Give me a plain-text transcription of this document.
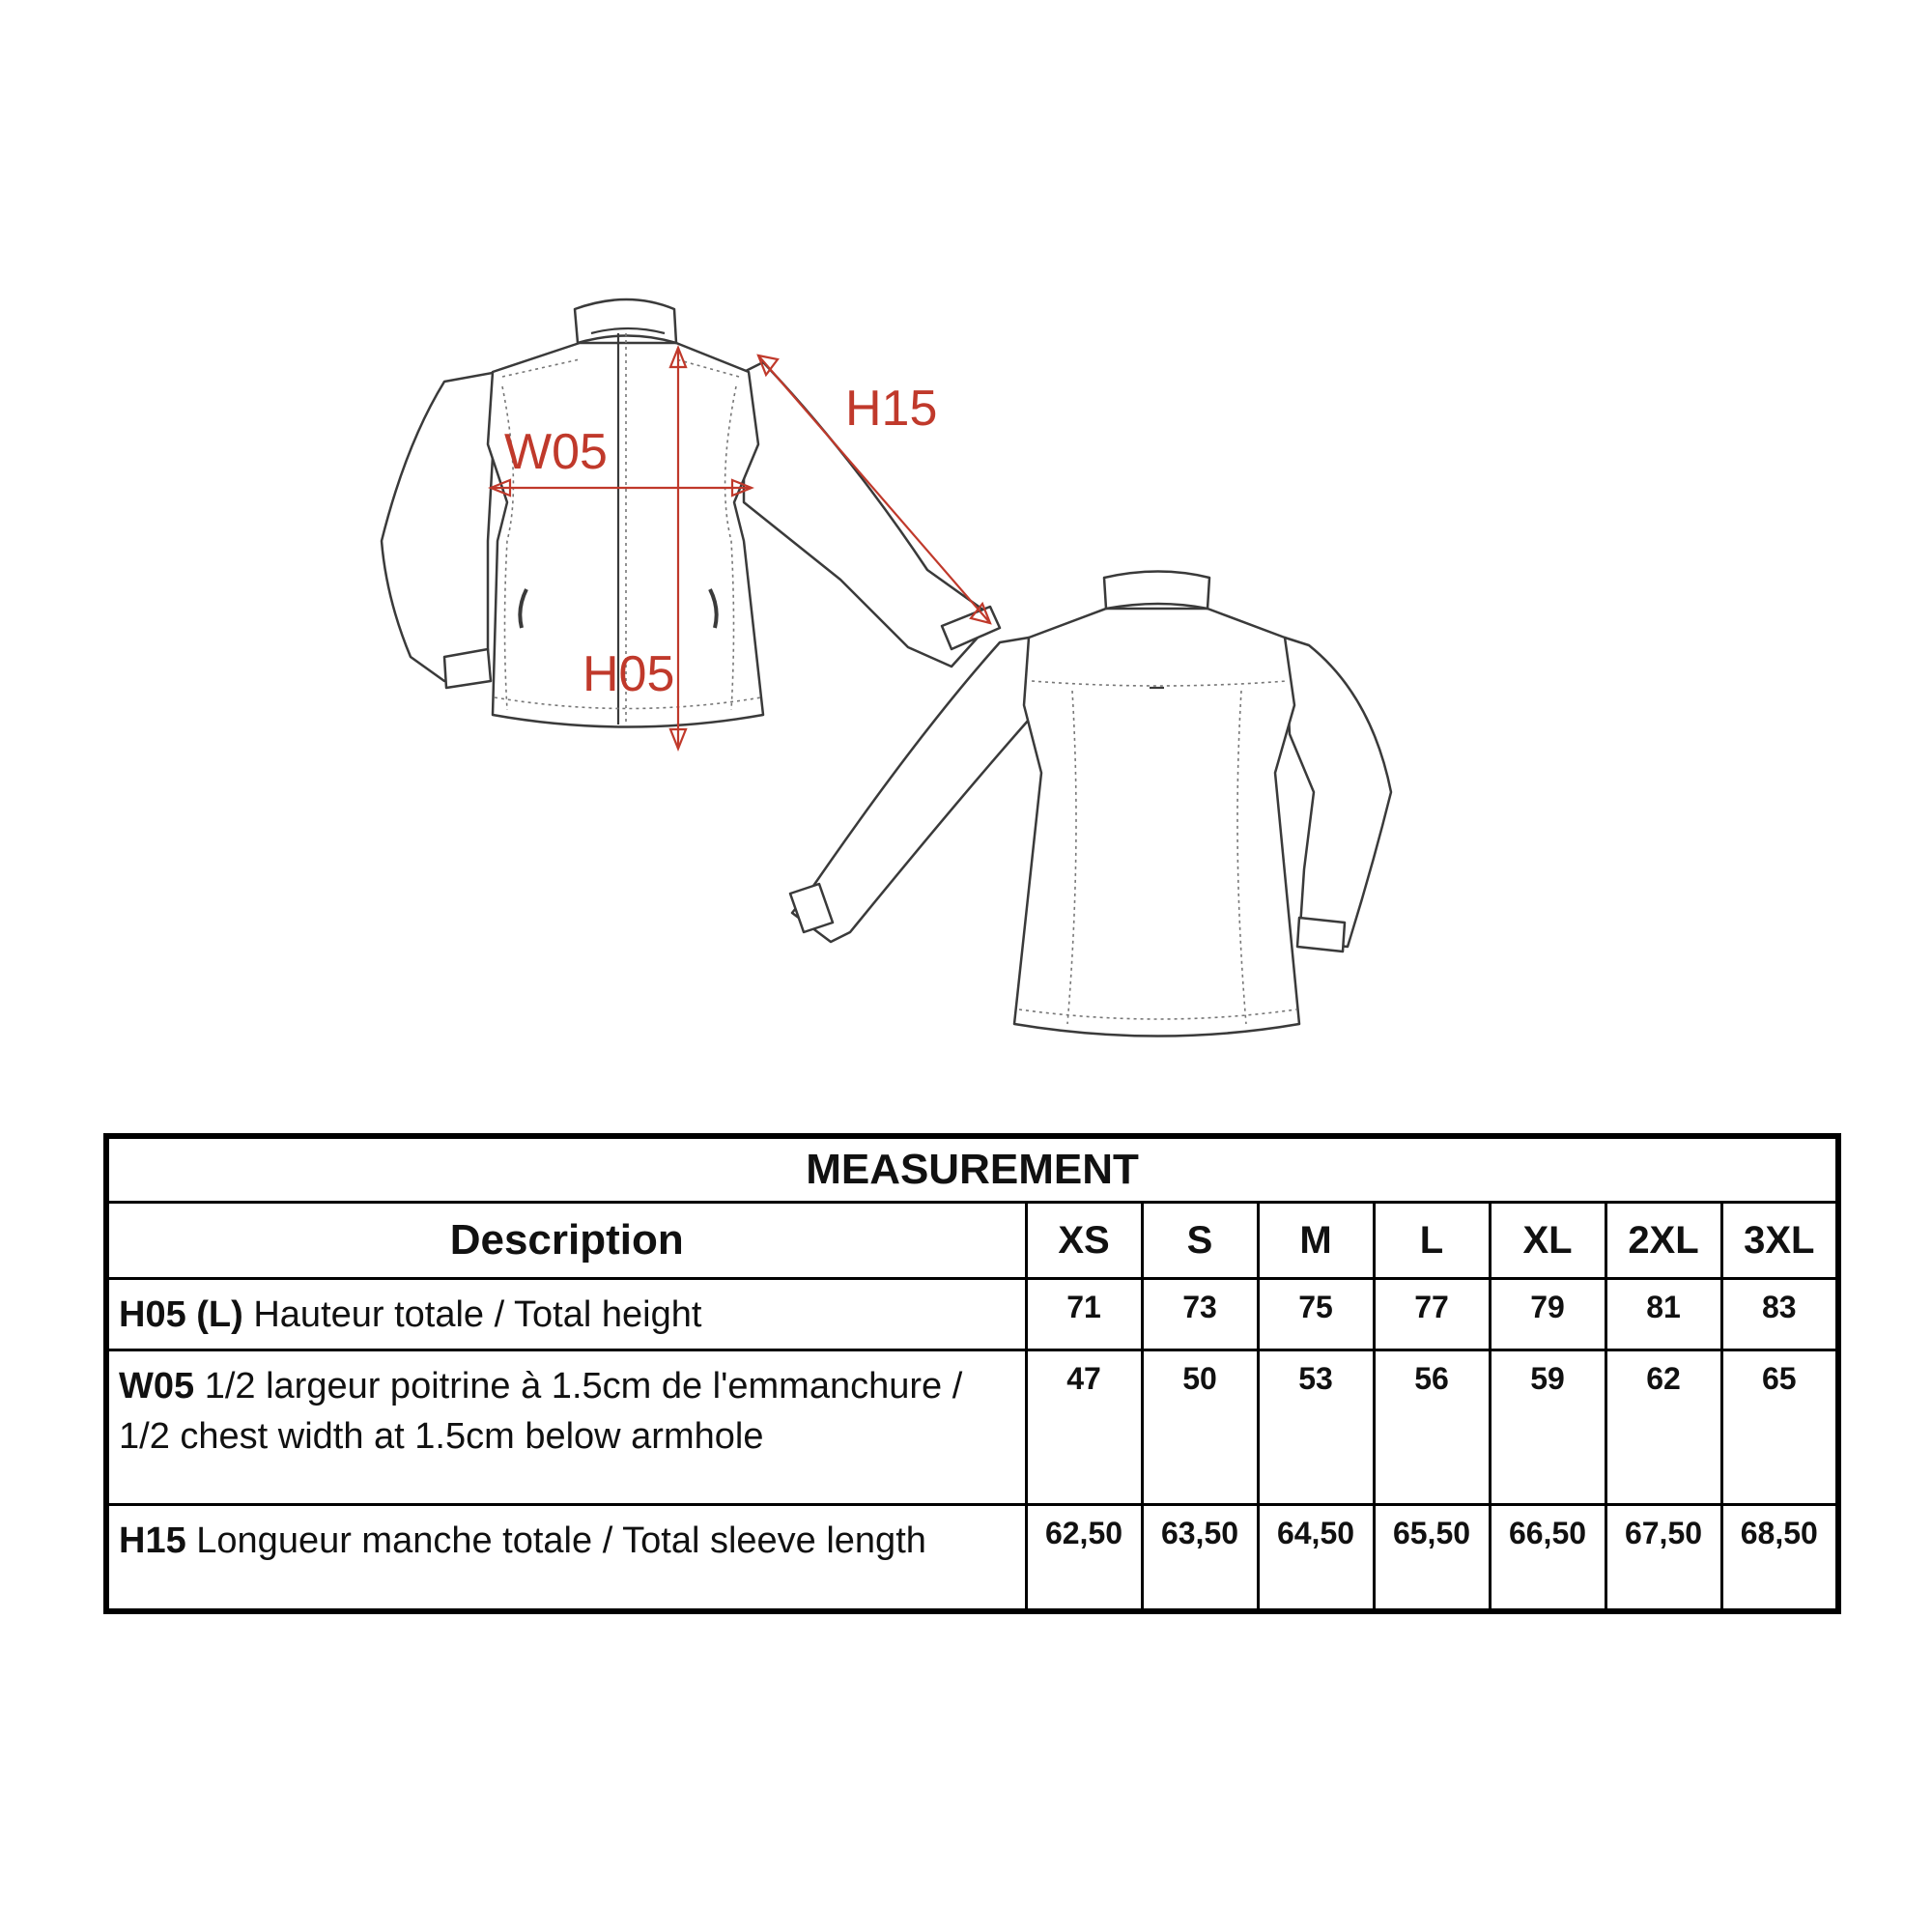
H15
W05
H05
MEASUREMENT							
Description	XS	S	M	L	XL	2XL	3XL
H05 (L) Hauteur totale / Total height	71	73	75	77	79	81	83
W05 1/2 largeur poitrine à 1.5cm de l'emmanchure / 1/2 chest width at 1.5cm below armhole	47	50	53	56	59	62	65
H15 Longueur manche totale / Total sleeve length	62,50	63,50	64,50	65,50	66,50	67,50	68,50
